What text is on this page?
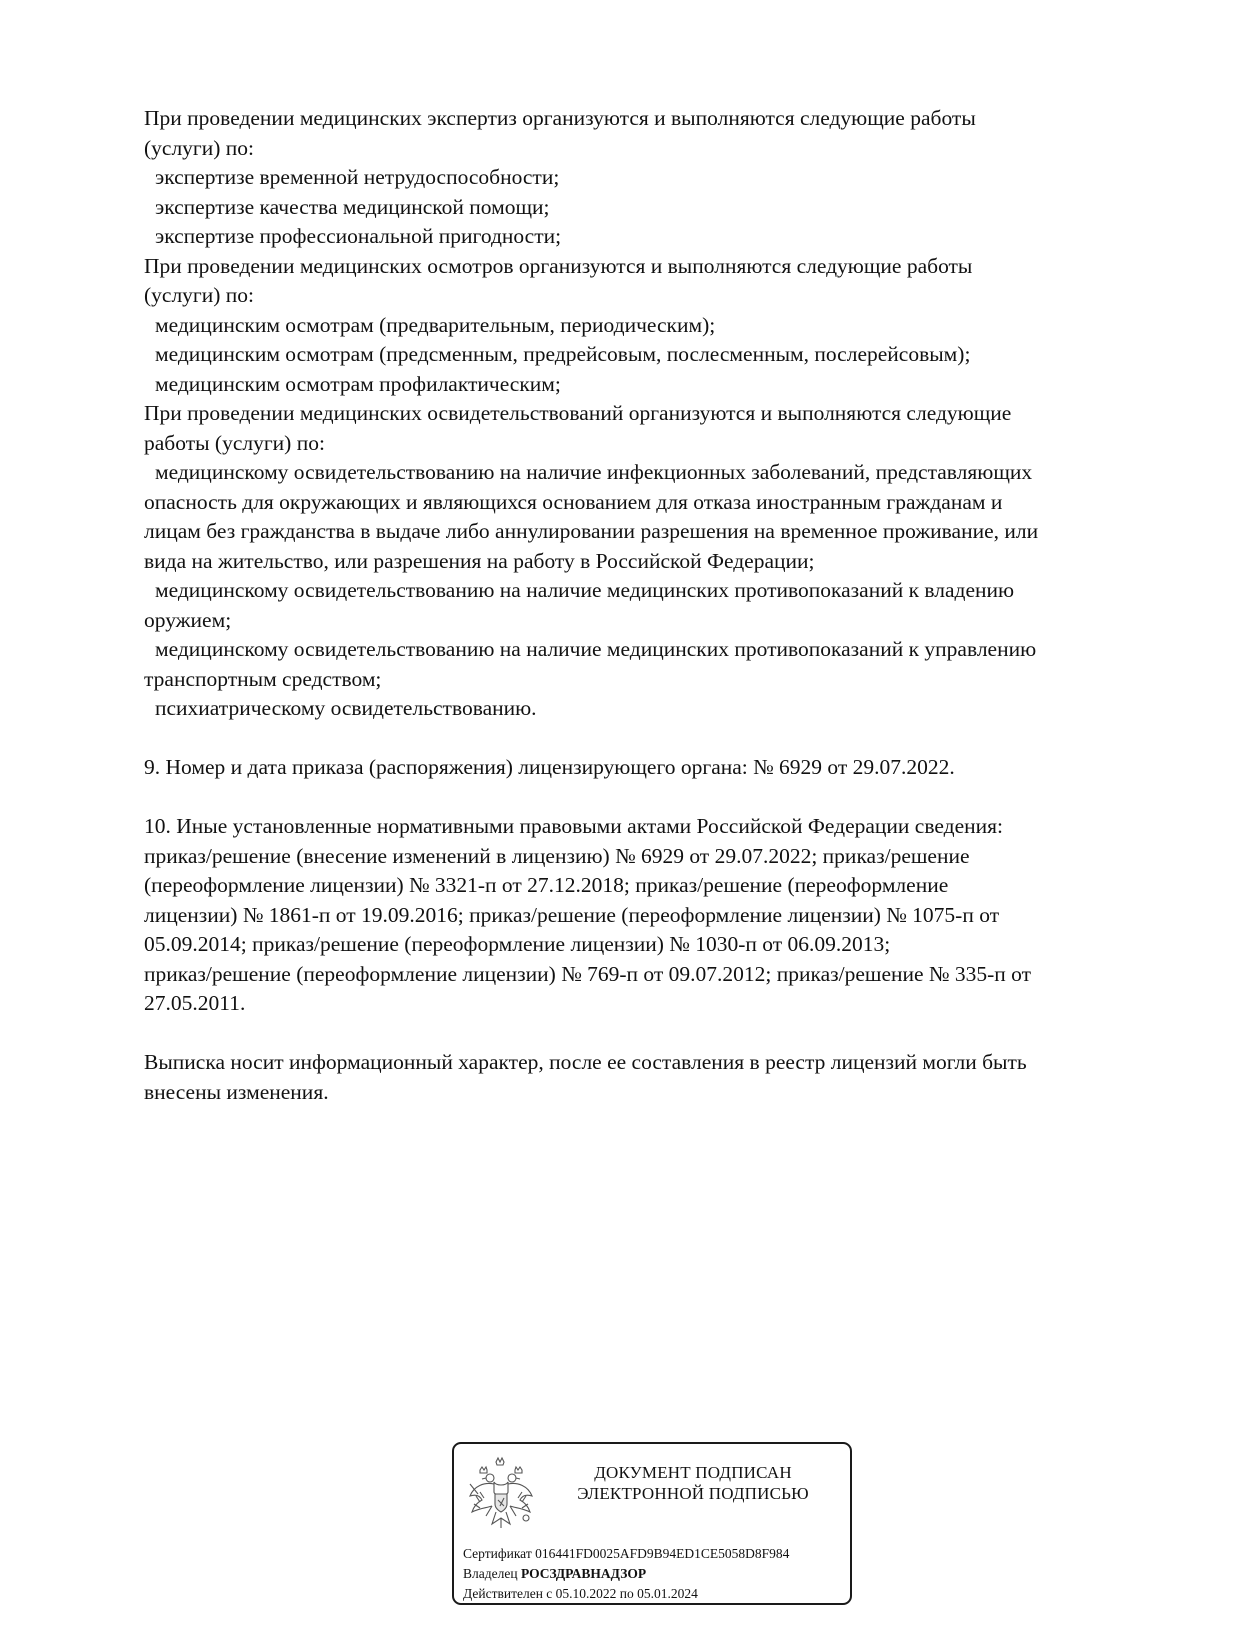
При проведении медицинских экспертиз организуются и выполняются следующие работы
(услуги) по:
экспертизе временной нетрудоспособности;
экспертизе качества медицинской помощи;
экспертизе профессиональной пригодности;
При проведении медицинских осмотров организуются и выполняются следующие работы
(услуги) по:
медицинским осмотрам (предварительным, периодическим);
медицинским осмотрам (предсменным, предрейсовым, послесменным, послерейсовым);
медицинским осмотрам профилактическим;
При проведении медицинских освидетельствований организуются и выполняются следующие
работы (услуги) по:
медицинскому освидетельствованию на наличие инфекционных заболеваний, представляющих
опасность для окружающих и являющихся основанием для отказа иностранным гражданам и
лицам без гражданства в выдаче либо аннулировании разрешения на временное проживание, или
вида на жительство, или разрешения на работу в Российской Федерации;
медицинскому освидетельствованию на наличие медицинских противопоказаний к владению
оружием;
медицинскому освидетельствованию на наличие медицинских противопоказаний к управлению
транспортным средством;
психиатрическому освидетельствованию.
9. Номер и дата приказа (распоряжения) лицензирующего органа: № 6929 от 29.07.2022.
10. Иные установленные нормативными правовыми актами Российской Федерации сведения:
приказ/решение (внесение изменений в лицензию) № 6929 от 29.07.2022; приказ/решение
(переоформление лицензии) № 3321-п от 27.12.2018; приказ/решение (переоформление
лицензии) № 1861-п от 19.09.2016; приказ/решение (переоформление лицензии) № 1075-п от
05.09.2014; приказ/решение (переоформление лицензии) № 1030-п от 06.09.2013;
приказ/решение (переоформление лицензии) № 769-п от 09.07.2012; приказ/решение № 335-п от
27.05.2011.
Выписка носит информационный характер, после ее составления в реестр лицензий могли быть
внесены изменения.
ДОКУМЕНТ ПОДПИСАН
ЭЛЕКТРОННОЙ ПОДПИСЬЮ
Сертификат 016441FD0025AFD9B94ED1CE5058D8F984
Владелец РОСЗДРАВНАДЗОР
Действителен с 05.10.2022 по 05.01.2024
